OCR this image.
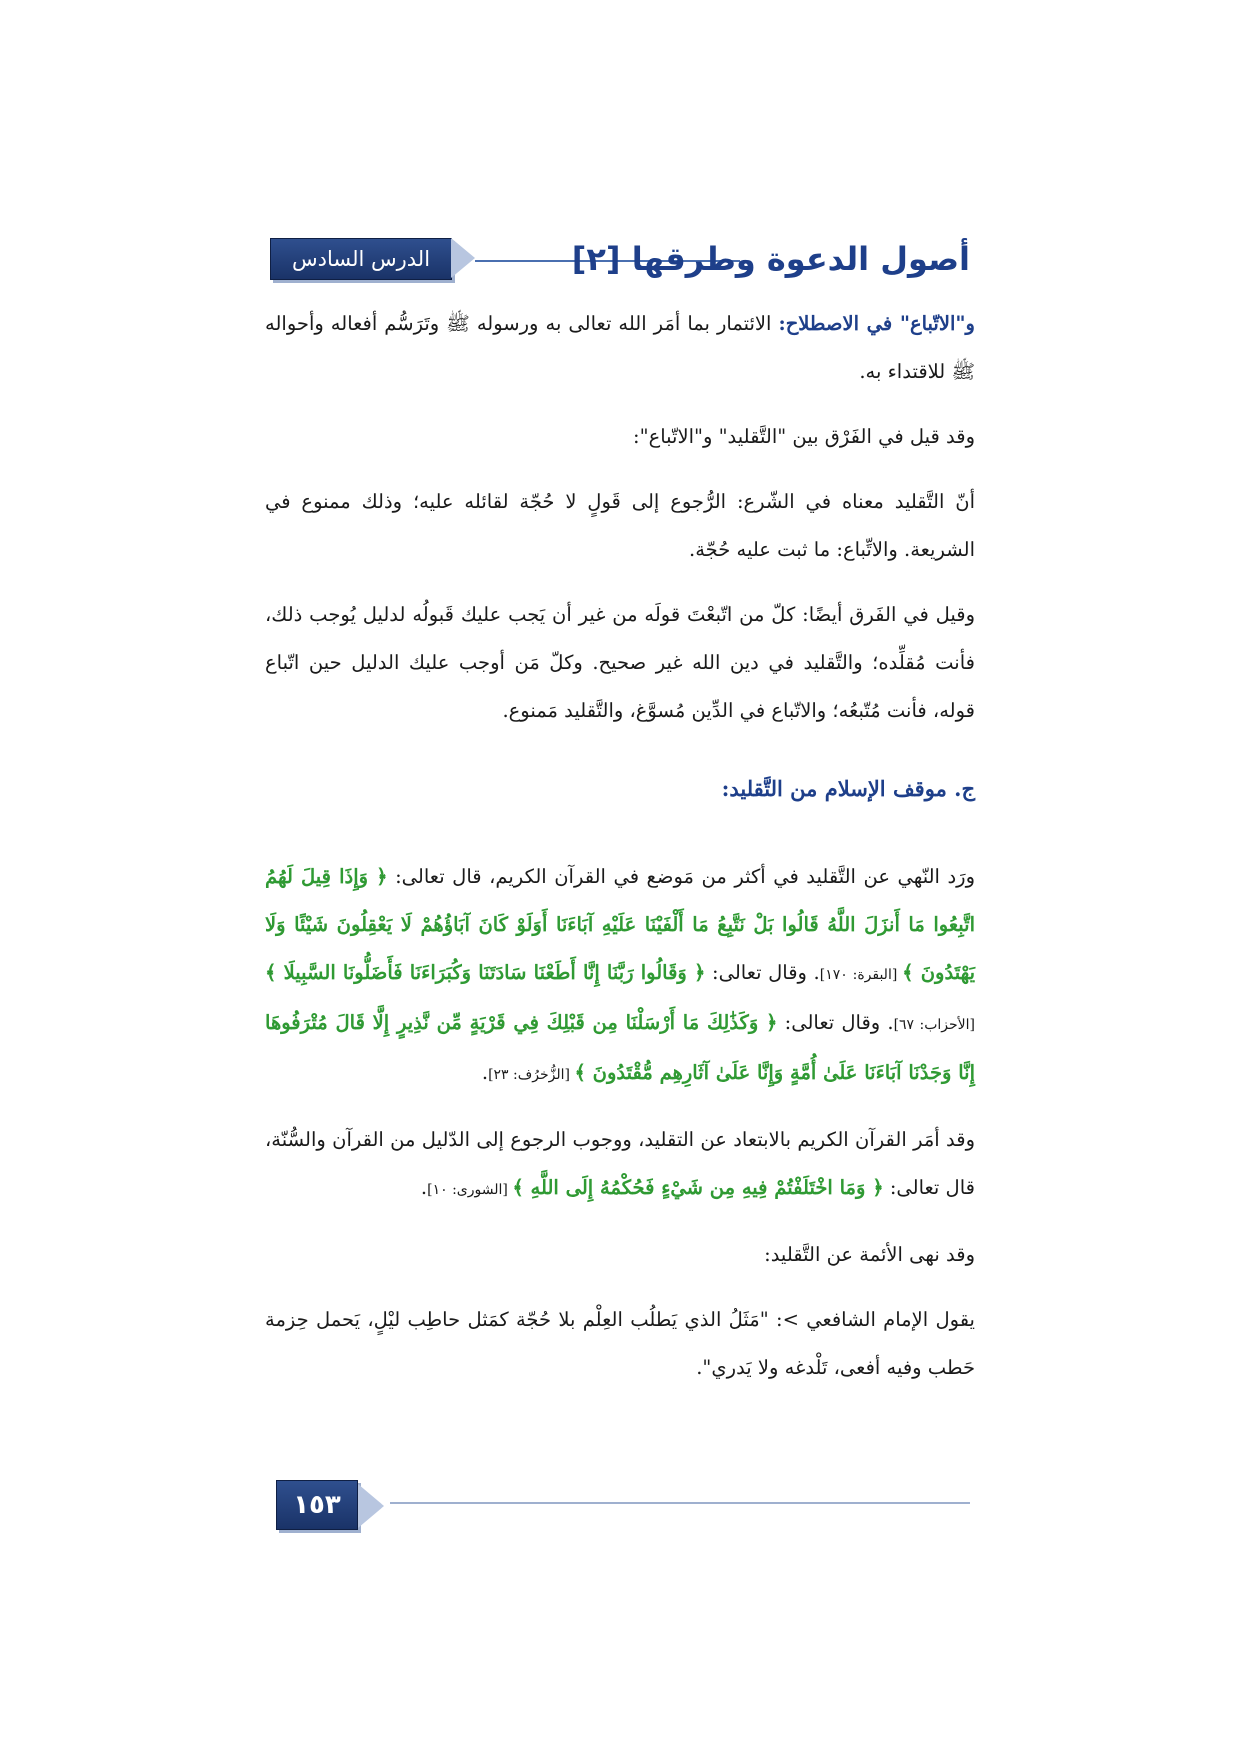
الدرس السادس	أصول الدعوة وطرقها [٢]

و"الاتّباع" في الاصطلاح: الائتمار بما أمَر الله تعالى به ورسوله ﷺ وتَرَسُّم أفعاله وأحواله ﷺ للاقتداء به.

وقد قيل في الفَرْق بين "التَّقليد" و"الاتّباع":

أنّ التَّقليد معناه في الشّرع: الرُّجوع إلى قَولٍ لا حُجّة لقائله عليه؛ وذلك ممنوع في الشريعة. والاتِّباع: ما ثبت عليه حُجّة.

وقيل في الفَرق أيضًا: كلّ من اتّبعْتَ قولَه من غير أن يَجب عليك قَبولُه لدليل يُوجب ذلك، فأنت مُقلِّده؛ والتَّقليد في دين الله غير صحيح. وكلّ مَن أوجب عليك الدليل حين اتّباع قوله، فأنت مُتّبعُه؛ والاتّباع في الدِّين مُسوَّغ، والتَّقليد مَمنوع.

ج. موقف الإسلام من التَّقليد:

ورَد النّهي عن التَّقليد في أكثر من مَوضع في القرآن الكريم، قال تعالى: ﴿ وَإِذَا قِيلَ لَهُمُ اتَّبِعُوا مَا أَنزَلَ اللَّهُ قَالُوا بَلْ نَتَّبِعُ مَا أَلْفَيْنَا عَلَيْهِ آبَاءَنَا أَوَلَوْ كَانَ آبَاؤُهُمْ لَا يَعْقِلُونَ شَيْئًا وَلَا يَهْتَدُونَ ﴾ [البقرة: ١٧٠]. وقال تعالى: ﴿ وَقَالُوا رَبَّنَا إِنَّا أَطَعْنَا سَادَتَنَا وَكُبَرَاءَنَا فَأَضَلُّونَا السَّبِيلَا ﴾ [الأحزاب: ٦٧]. وقال تعالى: ﴿ وَكَذَٰلِكَ مَا أَرْسَلْنَا مِن قَبْلِكَ فِي قَرْيَةٍ مِّن نَّذِيرٍ إِلَّا قَالَ مُتْرَفُوهَا إِنَّا وَجَدْنَا آبَاءَنَا عَلَىٰ أُمَّةٍ وَإِنَّا عَلَىٰ آثَارِهِم مُّقْتَدُونَ ﴾ [الزُّخرُف: ٢٣].

وقد أمَر القرآن الكريم بالابتعاد عن التقليد، ووجوب الرجوع إلى الدّليل من القرآن والسُّنّة، قال تعالى: ﴿ وَمَا اخْتَلَفْتُمْ فِيهِ مِن شَيْءٍ فَحُكْمُهُ إِلَى اللَّهِ ﴾ [الشورى: ١٠].

وقد نهى الأئمة عن التَّقليد:

يقول الإمام الشافعي >: "مَثَلُ الذي يَطلُب العِلْم بلا حُجّة كمَثل حاطِب ليْلٍ، يَحمل حِزمة حَطب وفيه أفعى، تَلْدغه ولا يَدري".

١٥٣
